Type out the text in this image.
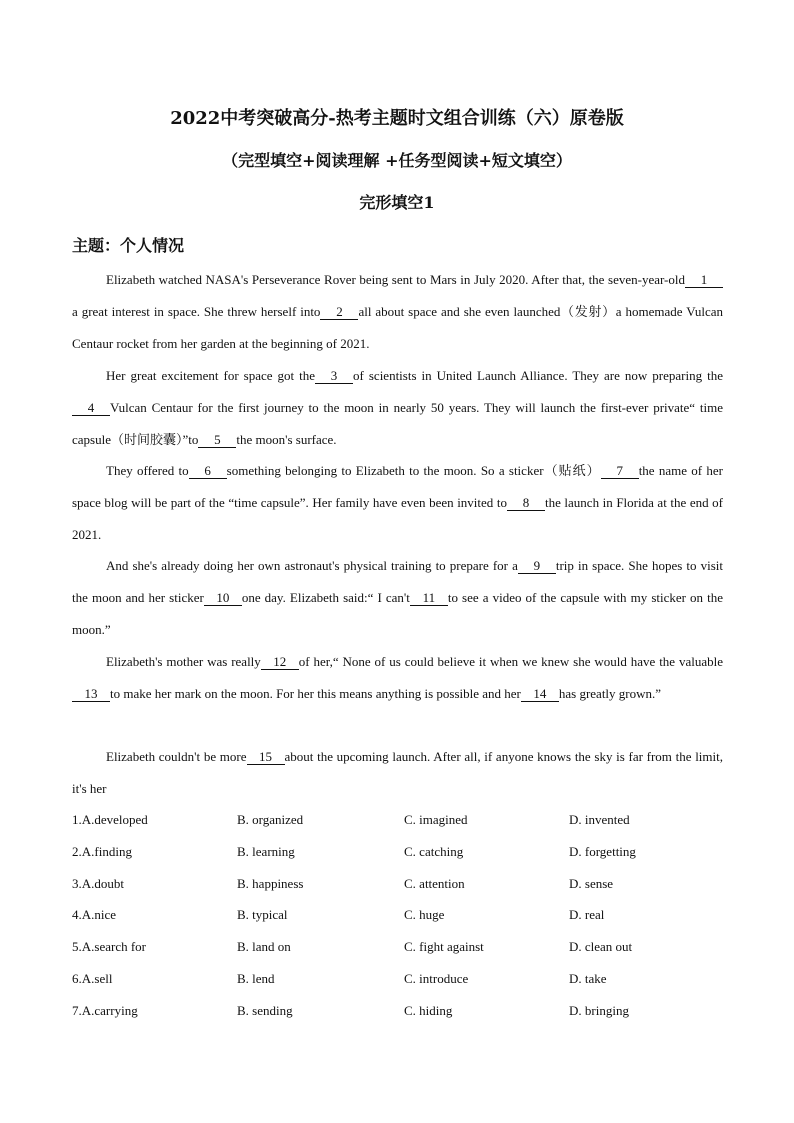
2022中考突破高分-热考主题时文组合训练（六）原卷版
（完型填空+阅读理解 +任务型阅读+短文填空）
完形填空1
主题：个人情况
Elizabeth watched NASA's Perseverance Rover being sent to Mars in July 2020. After that, the seven-year-old 1a great interest in space. She threw herself into 2 all about space and she even launched（发射）a homemade Vulcan Centaur rocket from her garden at the beginning of 2021.
Her great excitement for space got the 3 of scientists in United Launch Alliance. They are now preparing the4 Vulcan Centaur for the first journey to the moon in nearly 50 years. They will launch the first-ever private“ time capsule（时间胶囊）”to 5 the moon's surface.
They offered to 6 something belonging to Elizabeth to the moon. So a sticker（贴纸） 7 the name of her space blog will be part of the “time capsule”. Her family have even been invited to 8 the launch in Florida at the end of 2021.
And she's already doing her own astronaut's physical training to prepare for a 9 trip in space. She hopes to visit the moon and her sticker 10 one day. Elizabeth said:“ I can't 11 to see a video of the capsule with my sticker on the moon.”
Elizabeth's mother was really 12 of her,“ None of us could believe it when we knew she would have the valuable13 to make her mark on the moon. For her this means anything is possible and her 14 has greatly grown.”
Elizabeth couldn't be more 15 about the upcoming launch. After all, if anyone knows the sky is far from the limit, it's her
1.A.developed	B. organized	C. imagined	D. invented
2.A.finding	B. learning	C. catching	D. forgetting
3.A.doubt	B. happiness	C. attention	D. sense
4.A.nice	B. typical	C. huge	D. real
5.A.search for	B. land on	C. fight against	D. clean out
6.A.sell	B. lend	C. introduce	D. take
7.A.carrying	B. sending	C. hiding	D. bringing
